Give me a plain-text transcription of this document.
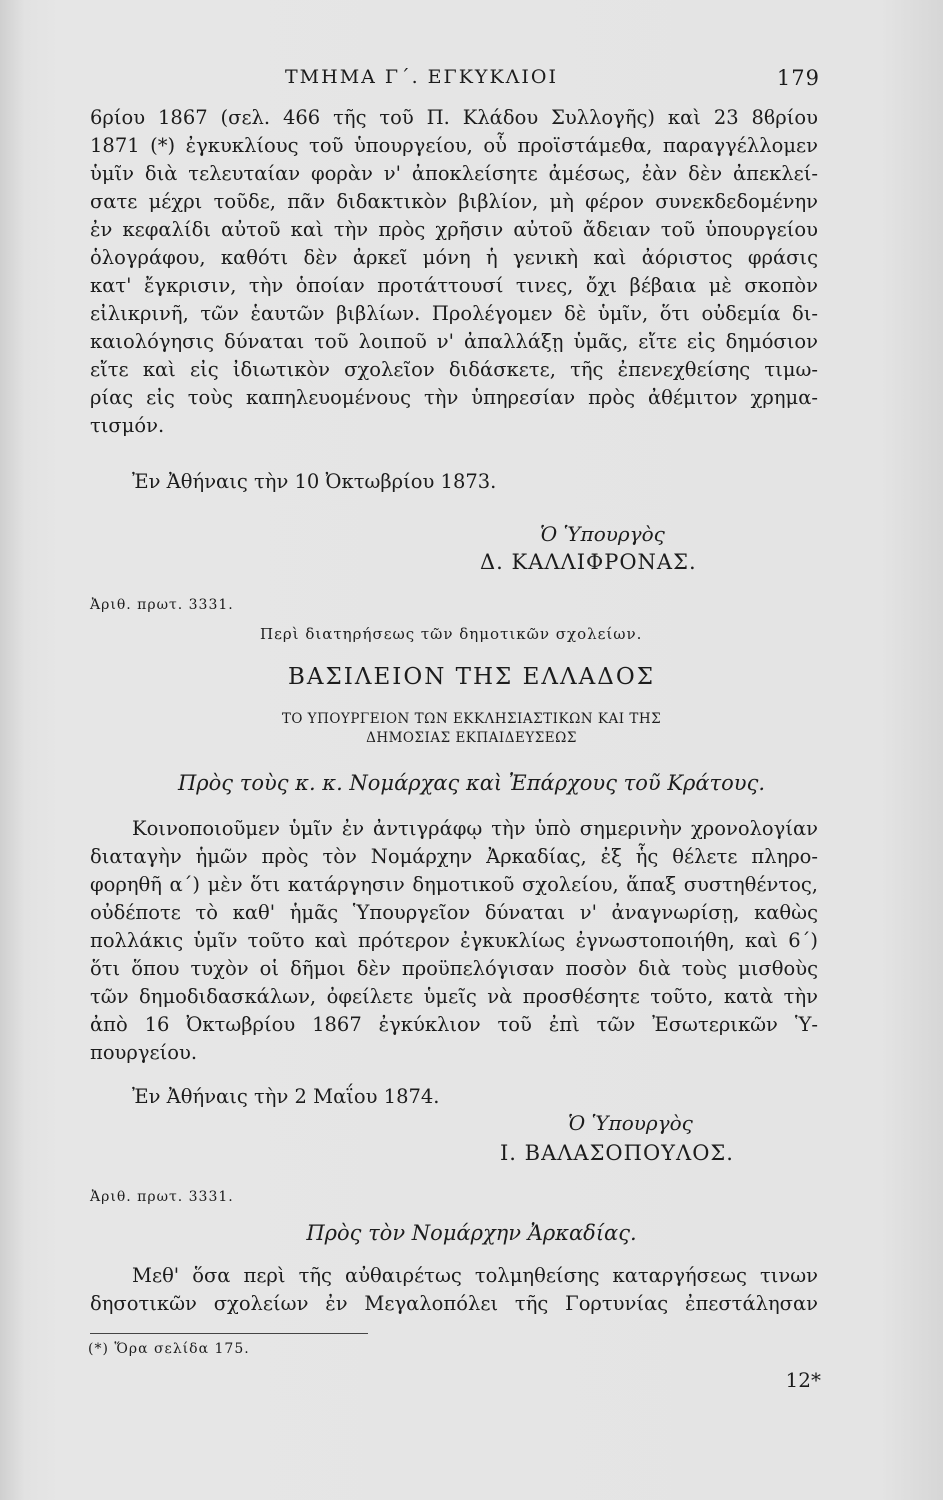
ΤΜΗΜΑ Γ΄. ΕΓΚΥΚΛΙΟΙ	179
6ρίου 1867 (σελ. 466 τῆς τοῦ Π. Κλάδου Συλλογῆς) καὶ 23 8ϐρίου
1871 (*) ἐγκυκλίους τοῦ ὑπουργείου, οὗ προϊστάμεθα, παραγγέλλομεν
ὑμῖν διὰ τελευταίαν φορὰν ν' ἀποκλείσητε ἀμέσως, ἐὰν δὲν ἀπεκλεί-
σατε μέχρι τοῦδε, πᾶν διδακτικὸν βιβλίον, μὴ φέρον συνεκδεδομένην
ἐν κεφαλίδι αὐτοῦ καὶ τὴν πρὸς χρῆσιν αὐτοῦ ἄδειαν τοῦ ὑπουργείου
ὁλογράφου, καθότι δὲν ἀρκεῖ μόνη ἡ γενικὴ καὶ ἀόριστος φράσις
κατ' ἔγκρισιν, τὴν ὁποίαν προτάττουσί τινες, ὄχι βέβαια μὲ σκοπὸν
εἰλικρινῆ, τῶν ἑαυτῶν βιβλίων. Προλέγομεν δὲ ὑμῖν, ὅτι οὐδεμία δι-
καιολόγησις δύναται τοῦ λοιποῦ ν' ἀπαλλάξῃ ὑμᾶς, εἴτε εἰς δημόσιον
εἴτε καὶ εἰς ἰδιωτικὸν σχολεῖον διδάσκετε, τῆς ἐπενεχθείσης τιμω-
ρίας εἰς τοὺς καπηλευομένους τὴν ὑπηρεσίαν πρὸς ἀθέμιτον χρημα-
τισμόν.
Ἐν Ἀθήναις τὴν 10 Ὀκτωβρίου 1873.
Ὁ Ὑπουργὸς
Δ. ΚΑΛΛΙΦΡΟΝΑΣ.
Ἀριθ. πρωτ. 3331.
Περὶ διατηρήσεως τῶν δημοτικῶν σχολείων.
ΒΑΣΙΛΕΙΟΝ ΤΗΣ ΕΛΛΑΔΟΣ
ΤΟ ΥΠΟΥΡΓΕΙΟΝ ΤΩΝ ΕΚΚΛΗΣΙΑΣΤΙΚΩΝ ΚΑΙ ΤΗΣ
ΔΗΜΟΣΙΑΣ ΕΚΠΑΙΔΕΥΣΕΩΣ
Πρὸς τοὺς κ. κ. Νομάρχας καὶ Ἐπάρχους τοῦ Κράτους.
Κοινοποιοῦμεν ὑμῖν ἐν ἀντιγράφῳ τὴν ὑπὸ σημερινὴν χρονολογίαν
διαταγὴν ἡμῶν πρὸς τὸν Νομάρχην Ἀρκαδίας, ἐξ ἧς θέλετε πληρο-
φορηθῆ α΄) μὲν ὅτι κατάργησιν δημοτικοῦ σχολείου, ἅπαξ συστηθέντος,
οὐδέποτε τὸ καθ' ἡμᾶς Ὑπουργεῖον δύναται ν' ἀναγνωρίσῃ, καθὼς
πολλάκις ὑμῖν τοῦτο καὶ πρότερον ἐγκυκλίως ἐγνωστοποιήθη, καὶ 6΄)
ὅτι ὅπου τυχὸν οἱ δῆμοι δὲν προϋπελόγισαν ποσὸν διὰ τοὺς μισθοὺς
τῶν δημοδιδασκάλων, ὀφείλετε ὑμεῖς νὰ προσθέσητε τοῦτο, κατὰ τὴν
ἀπὸ 16 Ὀκτωβρίου 1867 ἐγκύκλιον τοῦ ἐπὶ τῶν Ἐσωτερικῶν Ὑ-
πουργείου.
Ἐν Ἀθήναις τὴν 2 Μαΐου 1874.
Ὁ Ὑπουργὸς
Ι. ΒΑΛΑΣΟΠΟΥΛΟΣ.
Ἀριθ. πρωτ. 3331.
Πρὸς τὸν Νομάρχην Ἀρκαδίας.
Μεθ' ὅσα περὶ τῆς αὐθαιρέτως τολμηθείσης καταργήσεως τινων
δησοτικῶν σχολείων ἐν Μεγαλοπόλει τῆς Γορτυνίας ἐπεστάλησαν
(*) Ὅρα σελίδα 175.
12*
